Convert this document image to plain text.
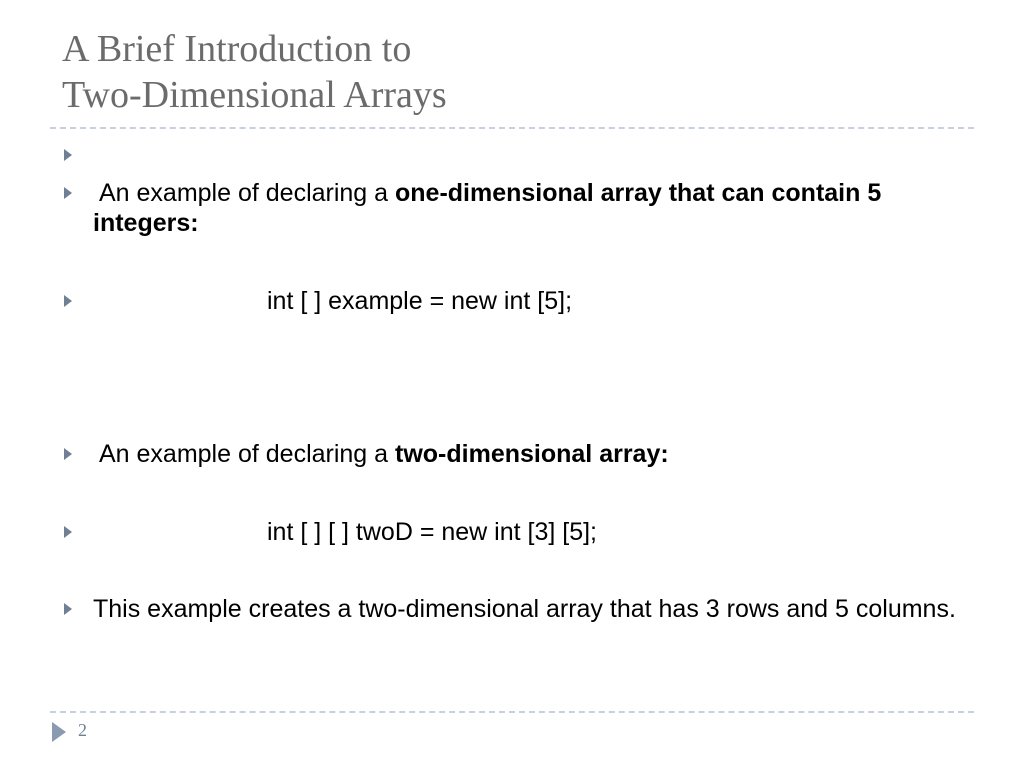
A Brief Introduction to
Two-Dimensional Arrays
An example of declaring a one-dimensional array that can contain 5 integers:
int [ ] example = new int [5];
An example of declaring a two-dimensional array:
int [ ] [ ] twoD = new int [3] [5];
This example creates a two-dimensional array that has 3 rows and 5 columns.
2
